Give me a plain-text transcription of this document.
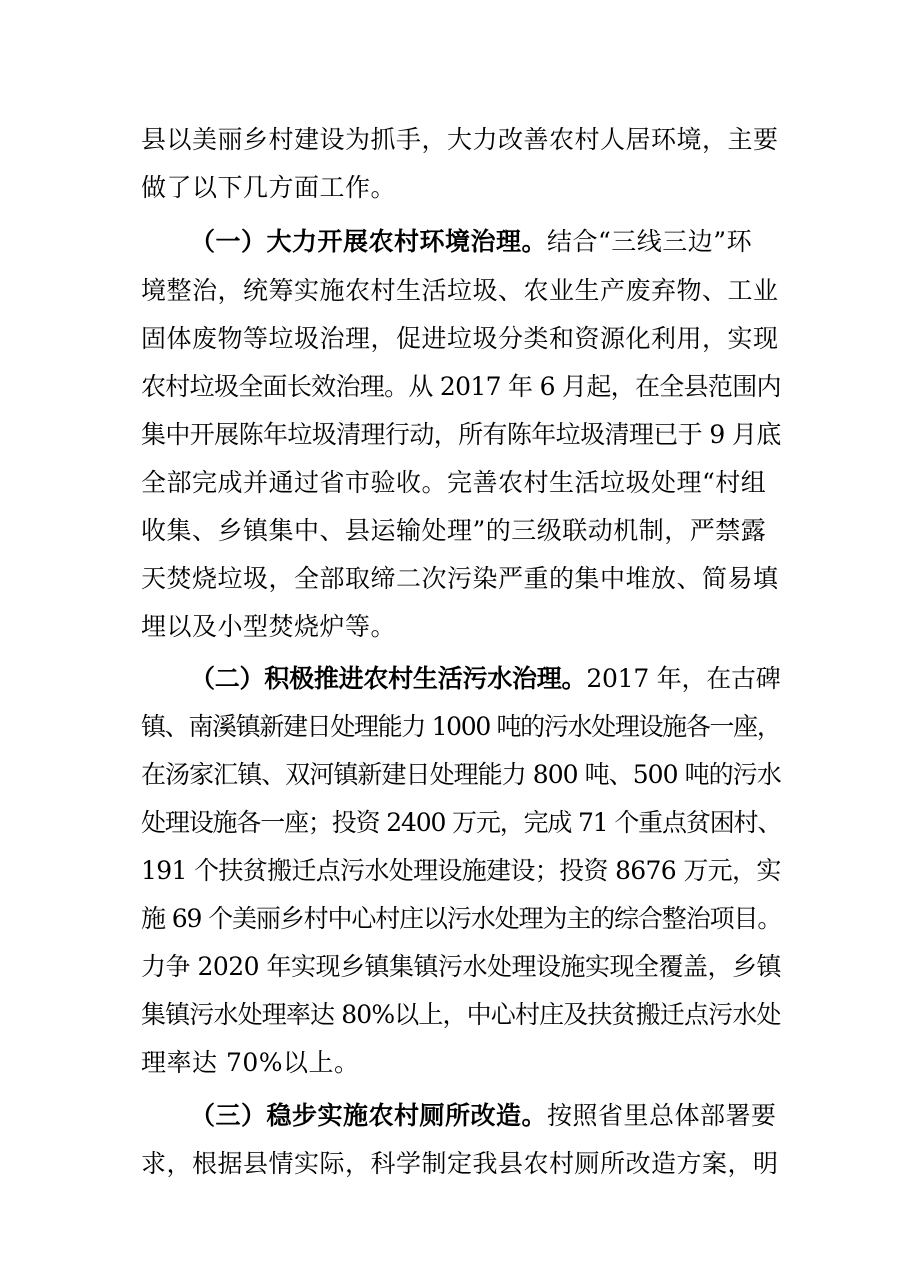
县以美丽乡村建设为抓手，大力改善农村人居环境，主要
做了以下几方面工作。
（一）大力开展农村环境治理。结合“三线三边”环
境整治，统筹实施农村生活垃圾、农业生产废弃物、工业
固体废物等垃圾治理，促进垃圾分类和资源化利用，实现
农村垃圾全面长效治理。从 2017 年 6 月起，在全县范围内
集中开展陈年垃圾清理行动，所有陈年垃圾清理已于 9 月底
全部完成并通过省市验收。完善农村生活垃圾处理“村组
收集、乡镇集中、县运输处理”的三级联动机制，严禁露
天焚烧垃圾，全部取缔二次污染严重的集中堆放、简易填
埋以及小型焚烧炉等。
（二）积极推进农村生活污水治理。2017 年，在古碑
镇、南溪镇新建日处理能力 1000 吨的污水处理设施各一座，
在汤家汇镇、双河镇新建日处理能力 800 吨、500 吨的污水
处理设施各一座；投资 2400 万元，完成 71 个重点贫困村、
191 个扶贫搬迁点污水处理设施建设；投资 8676 万元，实
施 69 个美丽乡村中心村庄以污水处理为主的综合整治项目。
力争 2020 年实现乡镇集镇污水处理设施实现全覆盖，乡镇
集镇污水处理率达 80%以上，中心村庄及扶贫搬迁点污水处
理率达 70%以上。
（三）稳步实施农村厕所改造。按照省里总体部署要
求，根据县情实际，科学制定我县农村厕所改造方案，明
